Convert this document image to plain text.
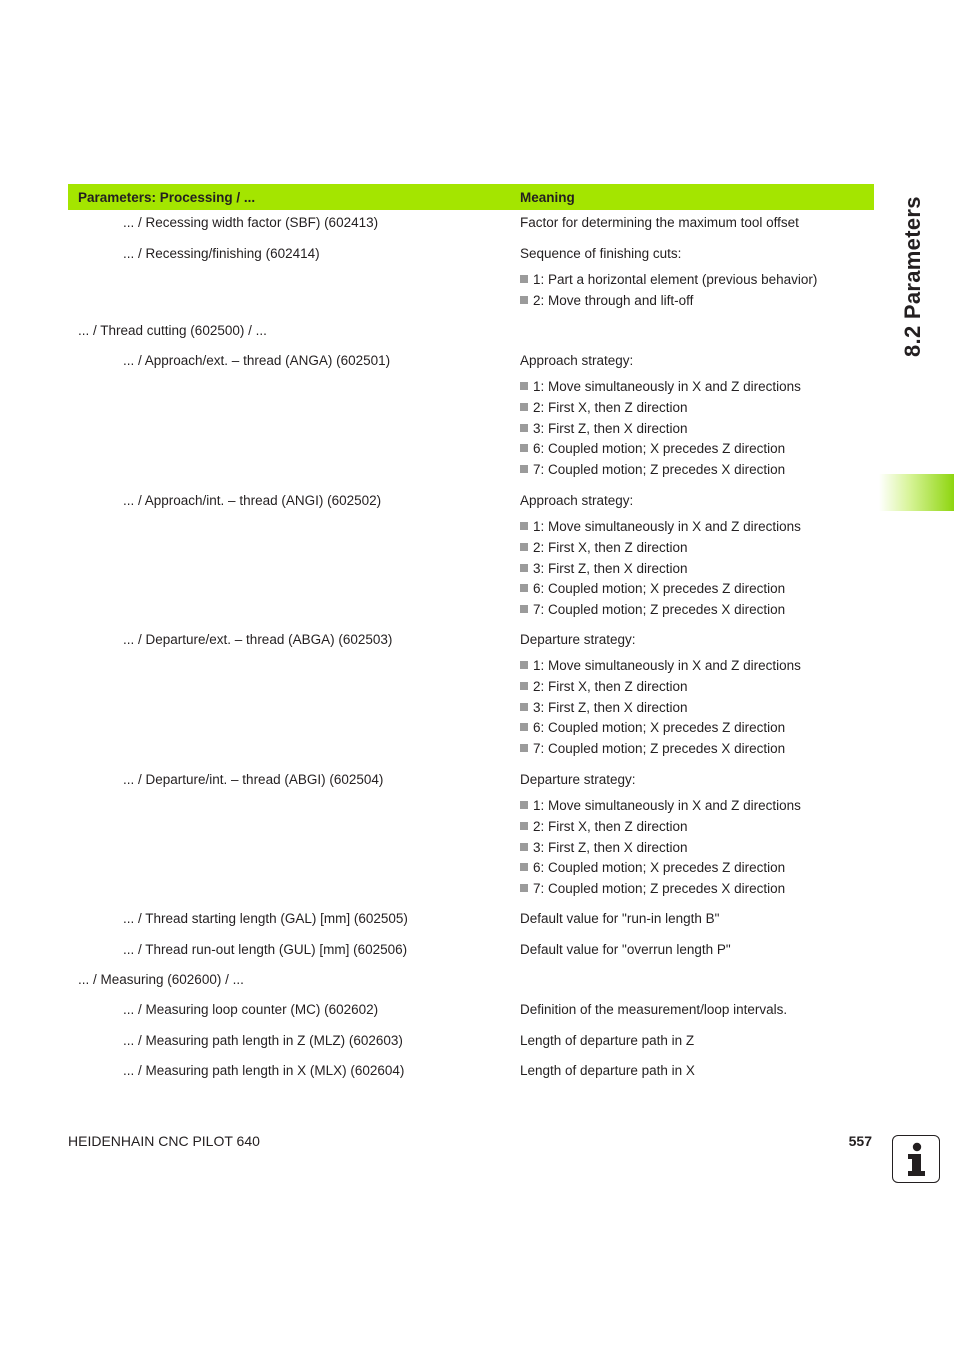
8.2 Parameters
Parameters: Processing / ...	Meaning
... / Recessing width factor (SBF) (602413)	Factor for determining the maximum tool offset
... / Recessing/finishing (602414)	Sequence of finishing cuts:
1: Part a horizontal element (previous behavior)
2: Move through and lift-off
... / Thread cutting (602500) / ...
... / Approach/ext. – thread (ANGA) (602501)	Approach strategy:
1: Move simultaneously in X and Z directions
2: First X, then Z direction
3: First Z, then X direction
6: Coupled motion; X precedes Z direction
7: Coupled motion; Z precedes X direction
... / Approach/int. – thread (ANGI) (602502)	Approach strategy:
1: Move simultaneously in X and Z directions
2: First X, then Z direction
3: First Z, then X direction
6: Coupled motion; X precedes Z direction
7: Coupled motion; Z precedes X direction
... / Departure/ext. – thread (ABGA) (602503)	Departure strategy:
1: Move simultaneously in X and Z directions
2: First X, then Z direction
3: First Z, then X direction
6: Coupled motion; X precedes Z direction
7: Coupled motion; Z precedes X direction
... / Departure/int. – thread (ABGI) (602504)	Departure strategy:
1: Move simultaneously in X and Z directions
2: First X, then Z direction
3: First Z, then X direction
6: Coupled motion; X precedes Z direction
7: Coupled motion; Z precedes X direction
... / Thread starting length (GAL) [mm] (602505)	Default value for "run-in length B"
... / Thread run-out length (GUL) [mm] (602506)	Default value for "overrun length P"
... / Measuring (602600) / ...
... / Measuring loop counter (MC) (602602)	Definition of the measurement/loop intervals.
... / Measuring path length in Z (MLZ) (602603)	Length of departure path in Z
... / Measuring path length in X (MLX) (602604)	Length of departure path in X
HEIDENHAIN CNC PILOT 640	557
